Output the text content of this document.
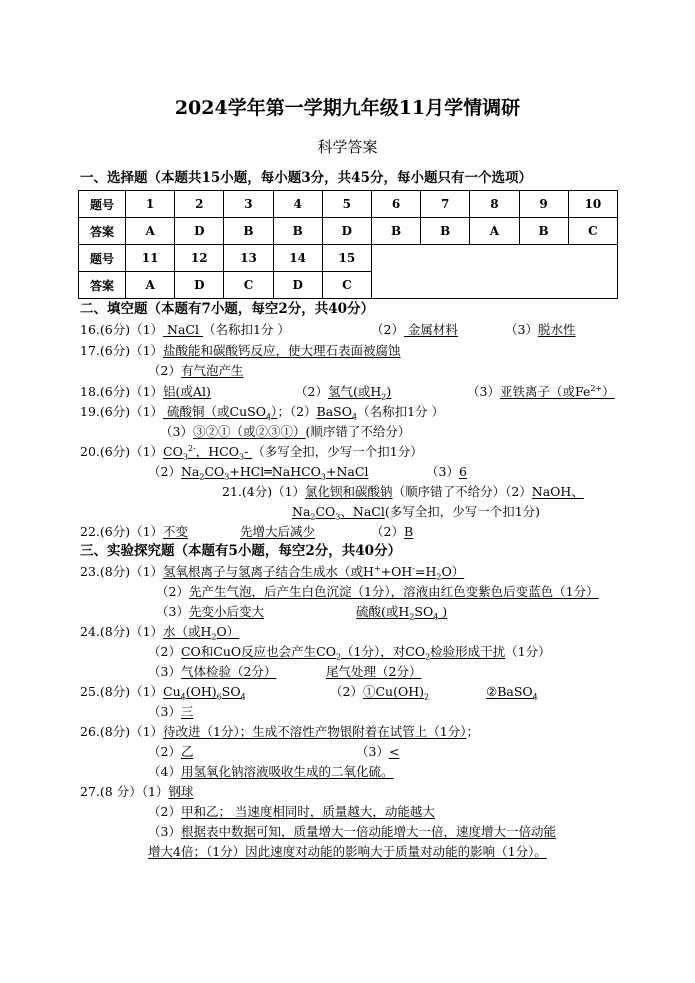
2024学年第一学期九年级11月学情调研
科学答案
一、选择题（本题共15小题，每小题3分，共45分，每小题只有一个选项）
题号	1	2	3	4	5	6	7	8	9	10
答案	A	D	B	B	D	B	B	A	B	C
题号	11	12	13	14	15					
答案	A	D	C	D	C					
二、填空题（本题有7小题，每空2分，共40分）
16.(6分)（1） NaCl （名称扣1分 ）	（2） 金属材料	（3）脱水性
17.(6分)（1）盐酸能和碳酸钙反应，使大理石表面被腐蚀
（2）有气泡产生
18.(6分)（1）铝(或Al)	（2）氢气(或$H_2$)	（3）亚铁离子（或$Fe^{2+}$）
19.(6分)（1） 硫酸铜（或CuSO$_4$）；（2）BaSO$_4$（名称扣1分 ）
（3）③②①（或②③①）(顺序错了不给分）
20.(6分)$(1)CO_3^{2-}$，$HCO_3-$ （多写全扣，少写一个扣1分）
$(2)Na_2CO_3+HCl═NaHCO_3+NaCl$	（3）6
21.(4分)（1）氯化钡和碳酸钠（顺序错了不给分）（2）NaOH、
$Na_2CO_3$、NaCl(多写全扣，少写一个扣1分)
22.(6分)（1）不变	先增大后减少	（2）B
三、实验探究题（本题有5小题，每空2分，共40分）
23.(8分)（1）氢氧根离子与氢离子结合生成水（或$H^++OH^-=H_2O$）
（2）先产生气泡，后产生白色沉淀（1分），溶液由红色变紫色后变蓝色（1分）
（3）先变小后变大	硫酸(或$H_2SO_4$ )
24.(8分)（1）水（或$H_2O$）
（2）CO和CuO反应也会产生$CO_2(1$分），对$CO_2$检验形成干扰（1分）
（3）气体检验（2分）	尾气处理（2分）
25.(8分)$(1)Cu_4(OH)_6SO_4$	$(2)①Cu(OH)_2$	②BaSO$_4$
（3）三
26.(8分)（1）待改进（1分）；生成不溶性产物银附着在试管上（1分）；
（2）乙	（3）<
（4）用氢氧化钠溶液吸收生成的二氧化硫。
27.(8 分）（1）钢球
（2）甲和乙； 当速度相同时，质量越大，动能越大
（3）根据表中数据可知，质量增大一倍动能增大一倍，速度增大一倍动能
增大4倍；（1分）因此速度对动能的影响大于质量对动能的影响（1分）。
